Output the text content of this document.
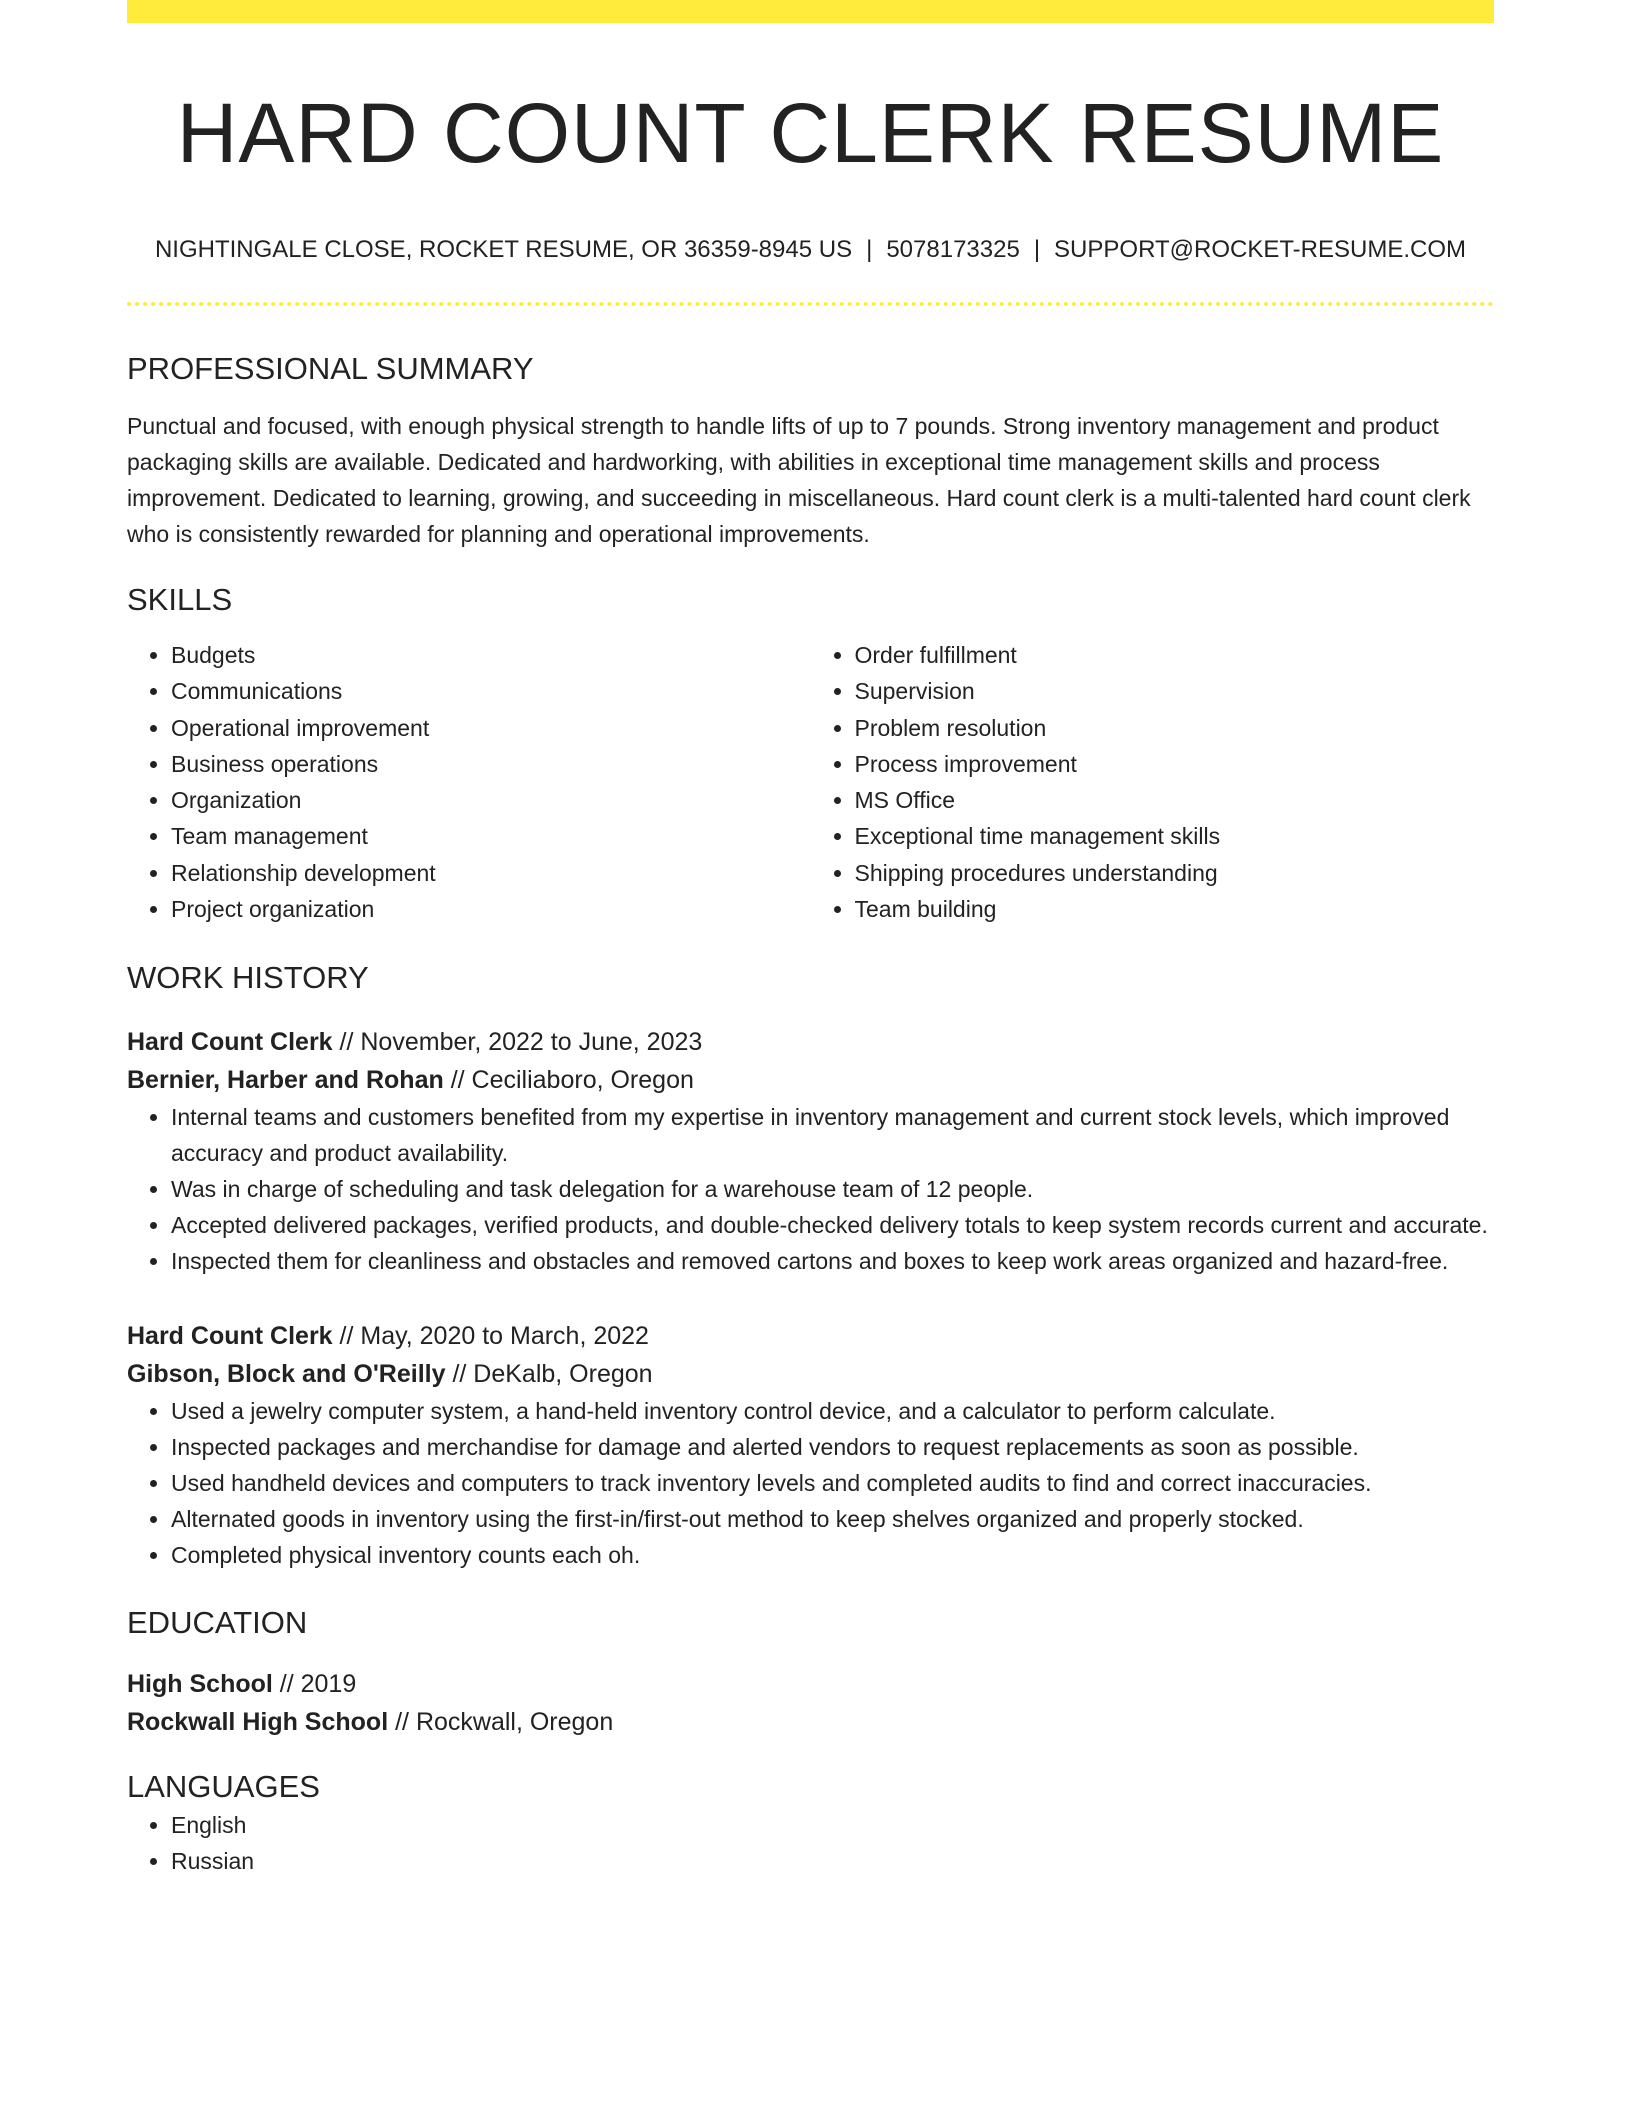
HARD COUNT CLERK RESUME
NIGHTINGALE CLOSE, ROCKET RESUME, OR 36359-8945 US | 5078173325 | SUPPORT@ROCKET-RESUME.COM
PROFESSIONAL SUMMARY
Punctual and focused, with enough physical strength to handle lifts of up to 7 pounds. Strong inventory management and product packaging skills are available. Dedicated and hardworking, with abilities in exceptional time management skills and process improvement. Dedicated to learning, growing, and succeeding in miscellaneous. Hard count clerk is a multi-talented hard count clerk who is consistently rewarded for planning and operational improvements.
SKILLS
• Budgets
• Communications
• Operational improvement
• Business operations
• Organization
• Team management
• Relationship development
• Project organization
• Order fulfillment
• Supervision
• Problem resolution
• Process improvement
• MS Office
• Exceptional time management skills
• Shipping procedures understanding
• Team building
WORK HISTORY
Hard Count Clerk // November, 2022 to June, 2023
Bernier, Harber and Rohan // Ceciliaboro, Oregon
• Internal teams and customers benefited from my expertise in inventory management and current stock levels, which improved accuracy and product availability.
• Was in charge of scheduling and task delegation for a warehouse team of 12 people.
• Accepted delivered packages, verified products, and double-checked delivery totals to keep system records current and accurate.
• Inspected them for cleanliness and obstacles and removed cartons and boxes to keep work areas organized and hazard-free.
Hard Count Clerk // May, 2020 to March, 2022
Gibson, Block and O'Reilly // DeKalb, Oregon
• Used a jewelry computer system, a hand-held inventory control device, and a calculator to perform calculate.
• Inspected packages and merchandise for damage and alerted vendors to request replacements as soon as possible.
• Used handheld devices and computers to track inventory levels and completed audits to find and correct inaccuracies.
• Alternated goods in inventory using the first-in/first-out method to keep shelves organized and properly stocked.
• Completed physical inventory counts each oh.
EDUCATION
High School // 2019
Rockwall High School // Rockwall, Oregon
LANGUAGES
• English
• Russian
